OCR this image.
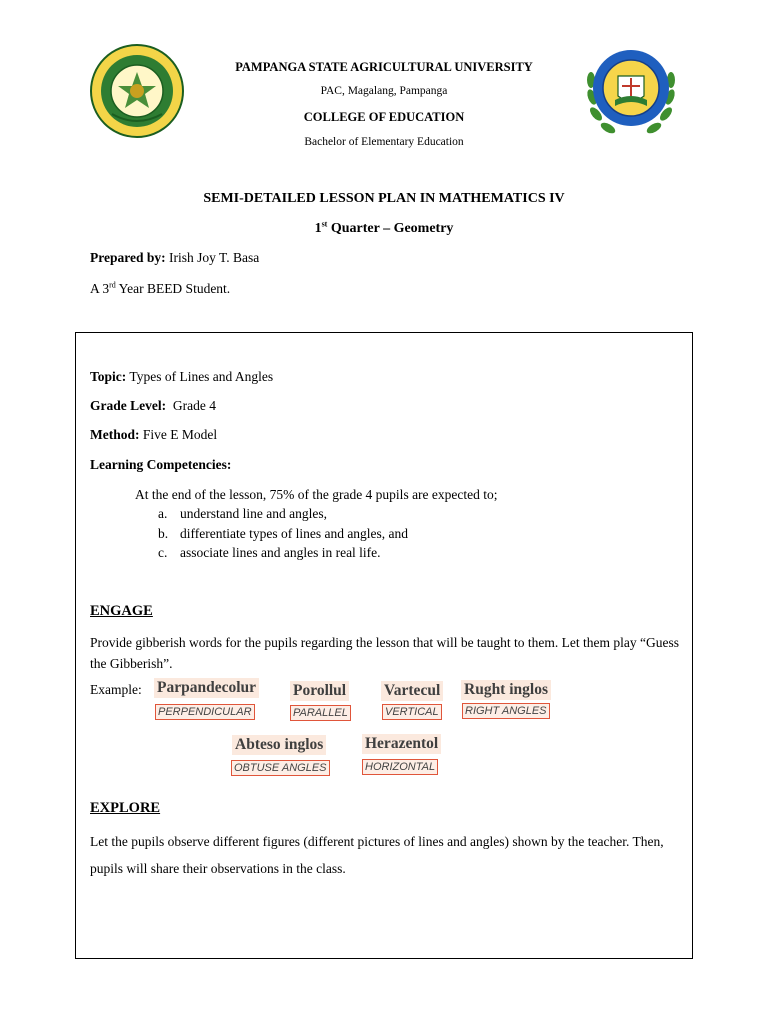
PAMPANGA STATE AGRICULTURAL UNIVERSITY
PAC, Magalang, Pampanga
COLLEGE OF EDUCATION
Bachelor of Elementary Education
SEMI-DETAILED LESSON PLAN IN MATHEMATICS IV
1st Quarter – Geometry
Prepared by: Irish Joy T. Basa
A 3rd Year BEED Student.
Topic: Types of Lines and Angles
Grade Level:  Grade 4
Method: Five E Model
Learning Competencies:
At the end of the lesson, 75% of the grade 4 pupils are expected to;
a. understand line and angles,
b. differentiate types of lines and angles, and
c. associate lines and angles in real life.
ENGAGE
Provide gibberish words for the pupils regarding the lesson that will be taught to them. Let them play “Guess the Gibberish”.
Example: Parpandecolur
PERPENDICULAR
Porollul
PARALLEL
Vartecul
VERTICAL
Rught inglos
RIGHT ANGLES
Abteso inglos
OBTUSE ANGLES
Herazentol
HORIZONTAL
EXPLORE
Let the pupils observe different figures (different pictures of lines and angles) shown by the teacher. Then, pupils will share their observations in the class.
